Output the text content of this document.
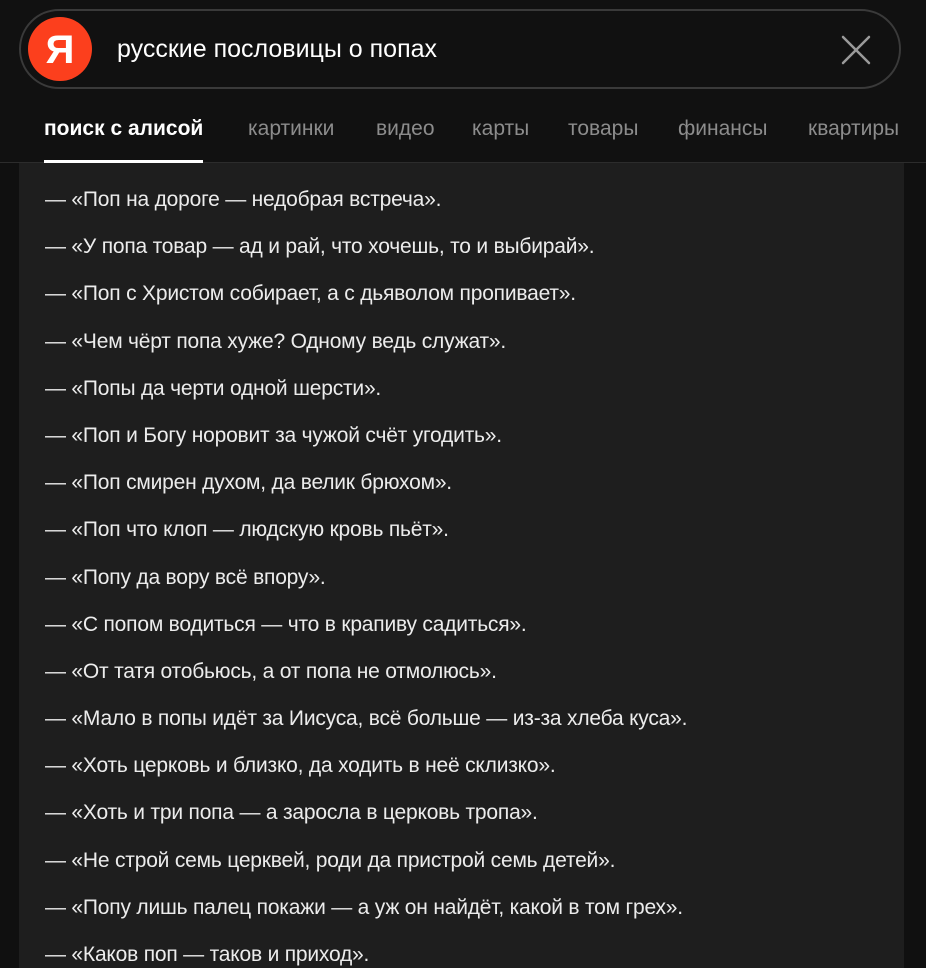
Я русские пословицы о попах
поиск с алисой картинки видео карты товары финансы квартиры
— «Поп на дороге — недобрая встреча».
— «У попа товар — ад и рай, что хочешь, то и выбирай».
— «Поп с Христом собирает, а с дьяволом пропивает».
— «Чем чёрт попа хуже? Одному ведь служат».
— «Попы да черти одной шерсти».
— «Поп и Богу норовит за чужой счёт угодить».
— «Поп смирен духом, да велик брюхом».
— «Поп что клоп — людскую кровь пьёт».
— «Попу да вору всё впору».
— «С попом водиться — что в крапиву садиться».
— «От татя отобьюсь, а от попа не отмолюсь».
— «Мало в попы идёт за Иисуса, всё больше — из-за хлеба куса».
— «Хоть церковь и близко, да ходить в неё склизко».
— «Хоть и три попа — а заросла в церковь тропа».
— «Не строй семь церквей, роди да пристрой семь детей».
— «Попу лишь палец покажи — а уж он найдёт, какой в том грех».
— «Каков поп — таков и приход».
